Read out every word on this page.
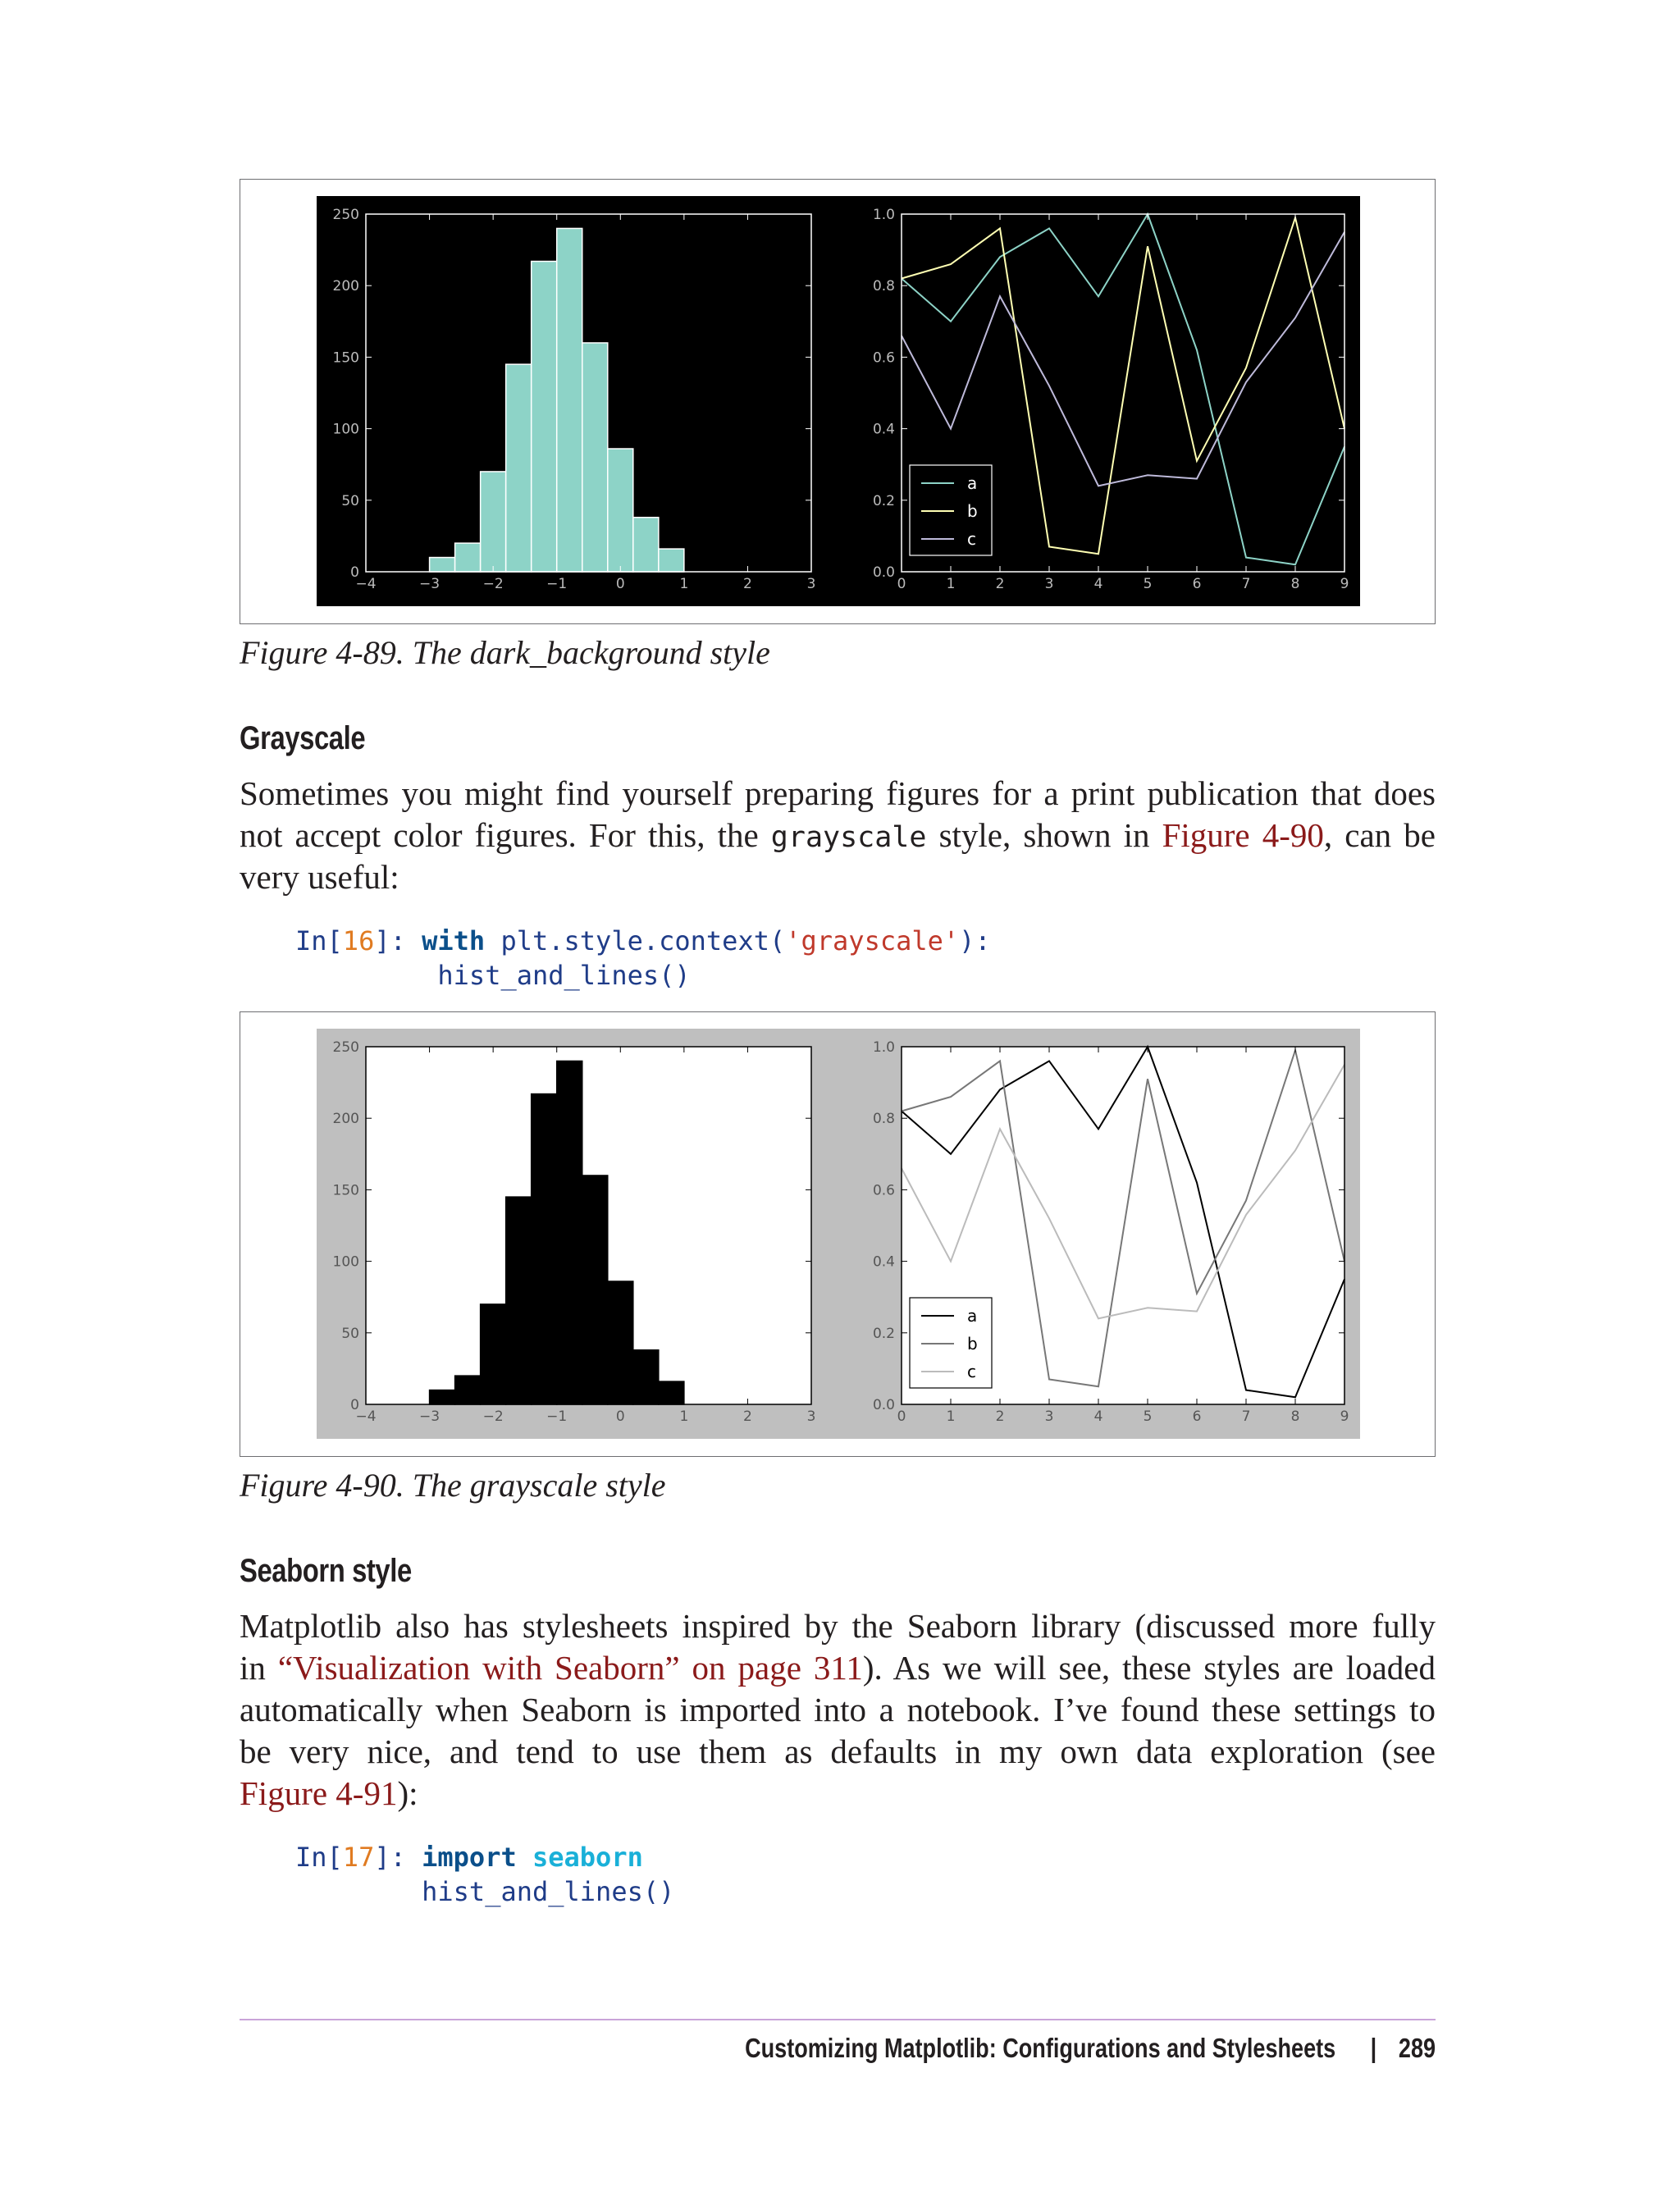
−4	−3	−2	−1	0	1	2	3
0
50
100
150
200
250
0	1	2	3	4	5	6	7	8	9
0.0
0.2
0.4
0.6
0.8
1.0
a
b
c
Figure 4-89. The dark_background style
Grayscale
Sometimes you might find yourself preparing figures for a print publication that does
not accept color figures. For this, the grayscale style, shown in Figure 4-90, can be
very useful:
In[16]: with plt.style.context('grayscale'):
hist_and_lines()
−4	−3	−2	−1	0	1	2	3
0
50
100
150
200
250
0	1	2	3	4	5	6	7	8	9
0.0
0.2
0.4
0.6
0.8
1.0
a
b
c
Figure 4-90. The grayscale style
Seaborn style
Matplotlib also has stylesheets inspired by the Seaborn library (discussed more fully
in “Visualization with Seaborn” on page 311). As we will see, these styles are loaded
automatically when Seaborn is imported into a notebook. I’ve found these settings to
be very nice, and tend to use them as defaults in my own data exploration (see
Figure 4-91):
In[17]: import seaborn
hist_and_lines()
Customizing Matplotlib: Configurations and Stylesheets | 289
